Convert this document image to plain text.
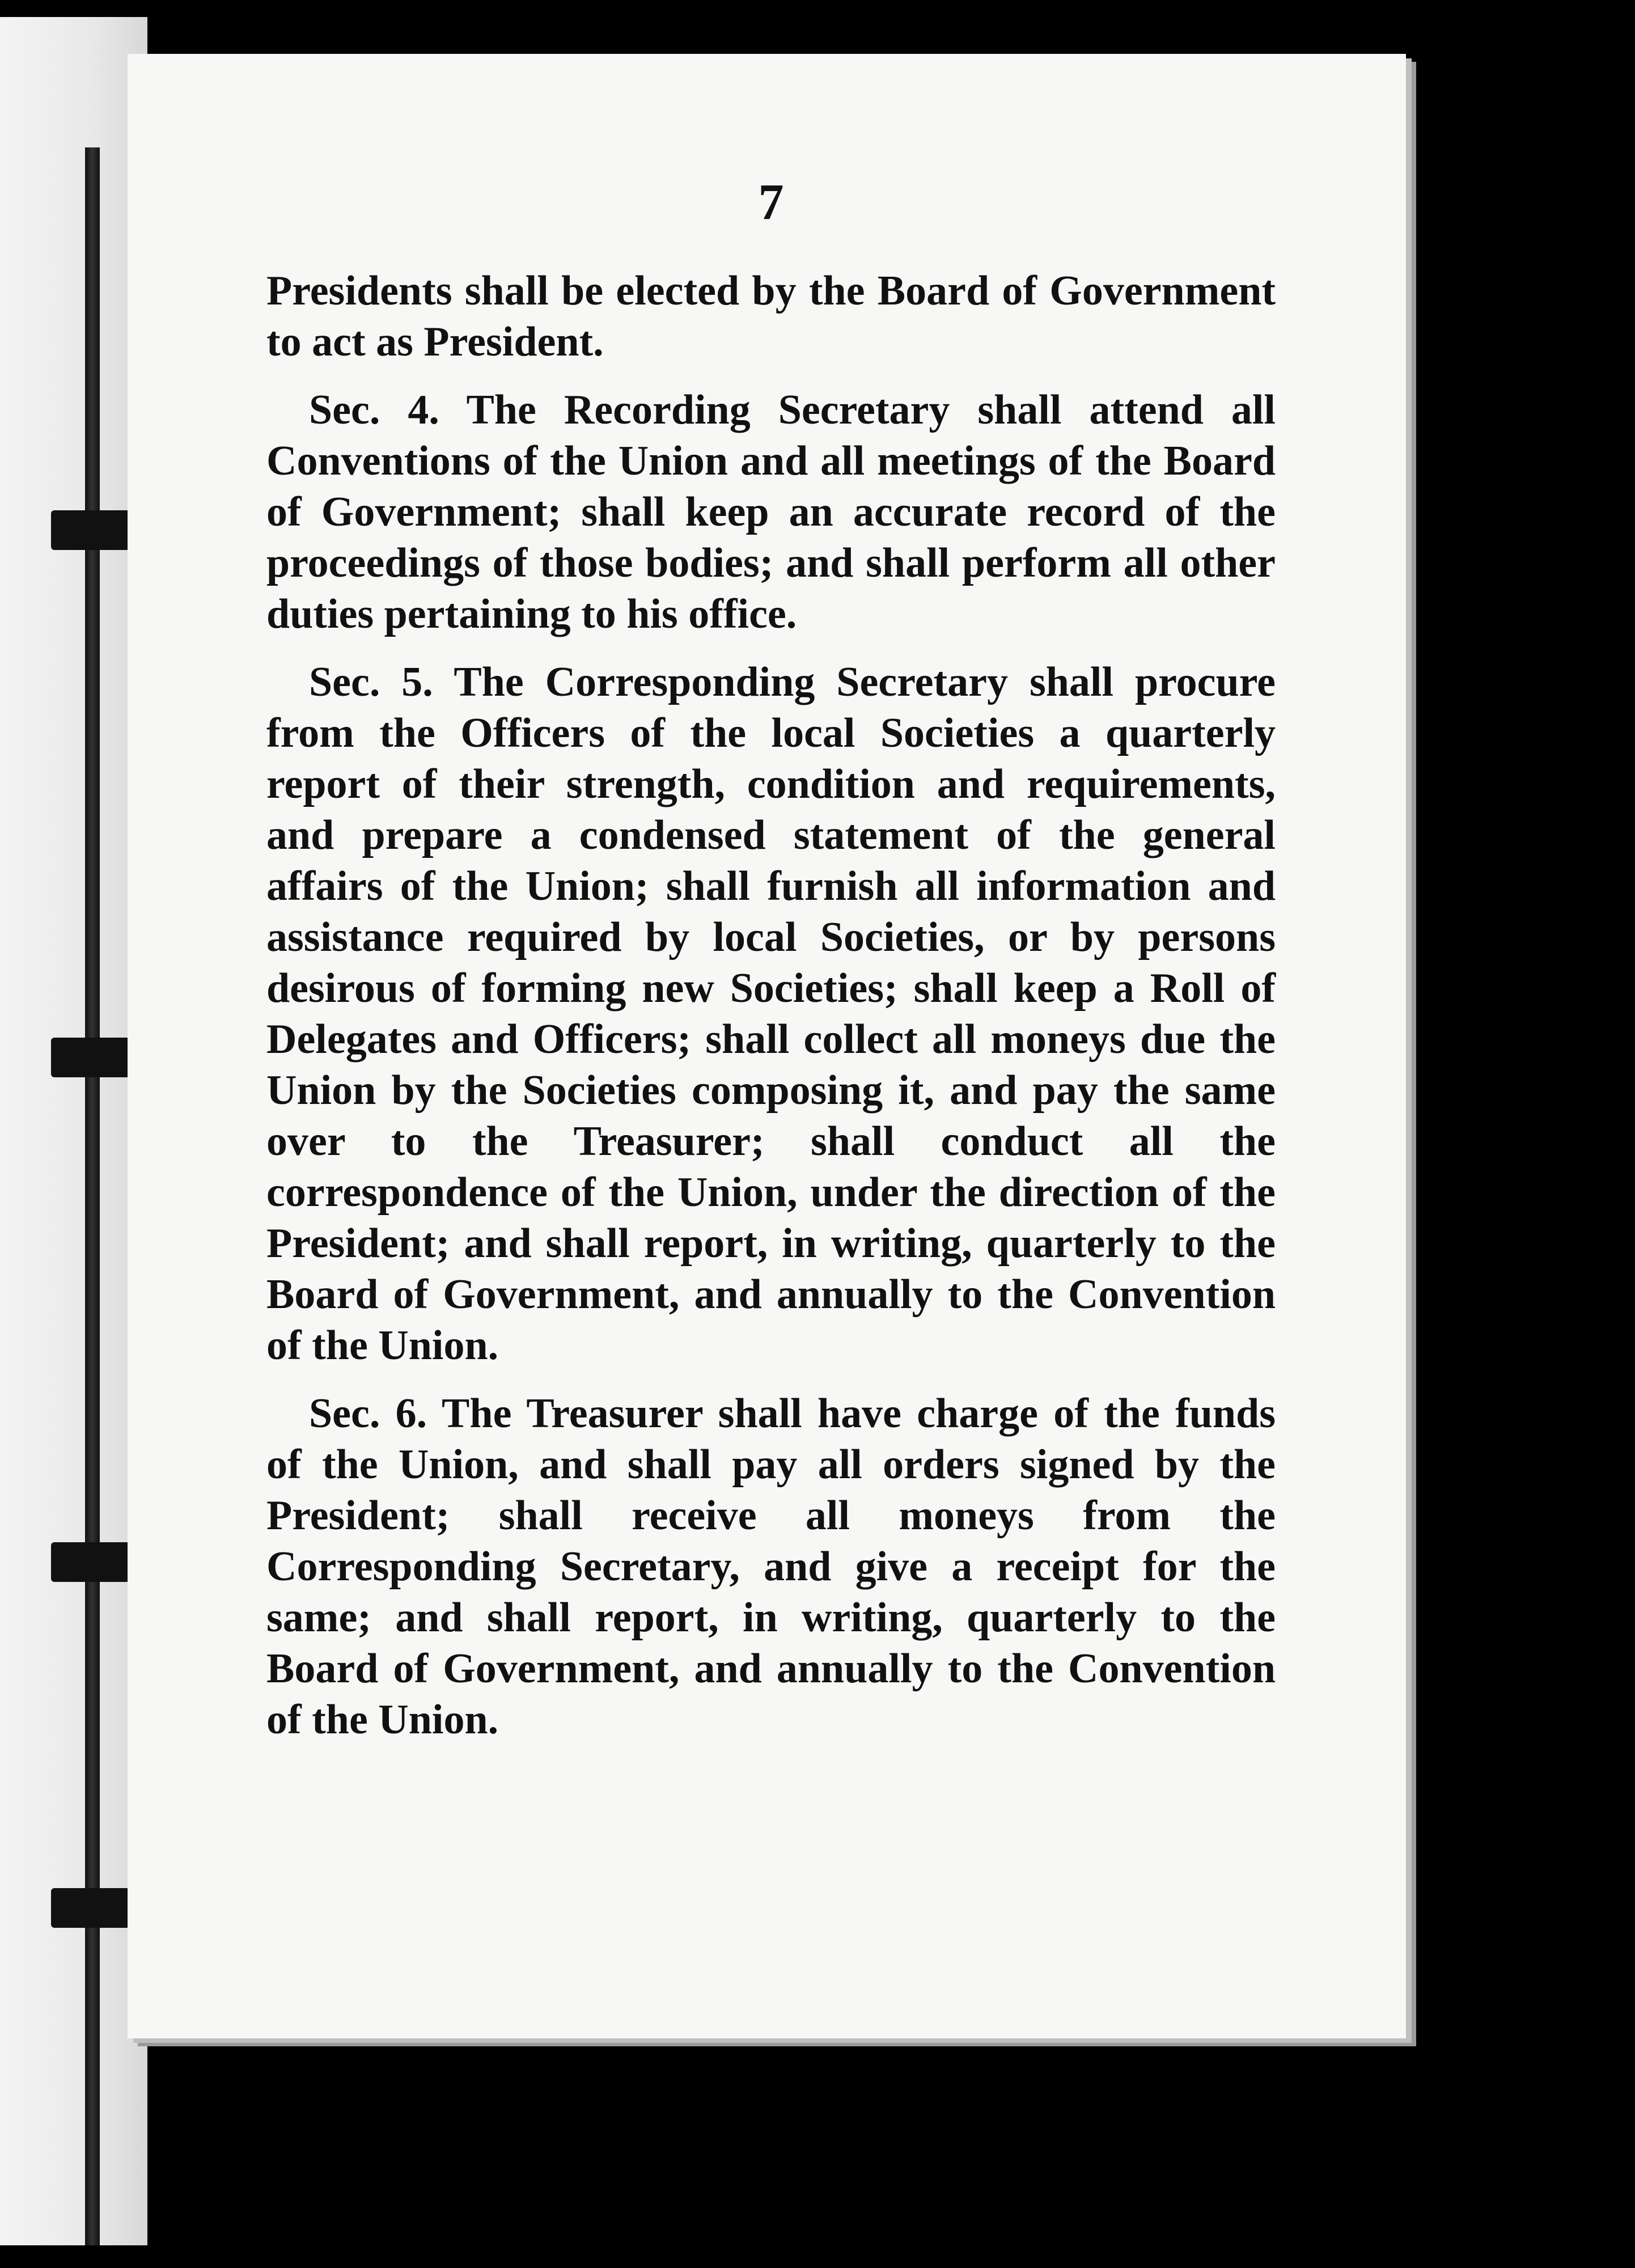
7

Presidents shall be elected by the Board of Government to act as President.

Sec. 4. The Recording Secretary shall attend all Conventions of the Union and all meetings of the Board of Government; shall keep an accurate record of the proceedings of those bodies; and shall perform all other duties pertaining to his office.

Sec. 5. The Corresponding Secretary shall procure from the Officers of the local Societies a quarterly report of their strength, condition and requirements, and prepare a condensed statement of the general affairs of the Union; shall furnish all information and assistance required by local Societies, or by persons desirous of forming new Societies; shall keep a Roll of Delegates and Officers; shall collect all moneys due the Union by the Societies composing it, and pay the same over to the Treasurer; shall conduct all the correspondence of the Union, under the direction of the President; and shall report, in writing, quarterly to the Board of Government, and annually to the Convention of the Union.

Sec. 6. The Treasurer shall have charge of the funds of the Union, and shall pay all orders signed by the President; shall receive all moneys from the Corresponding Secretary, and give a receipt for the same; and shall report, in writing, quarterly to the Board of Government, and annually to the Convention of the Union.
